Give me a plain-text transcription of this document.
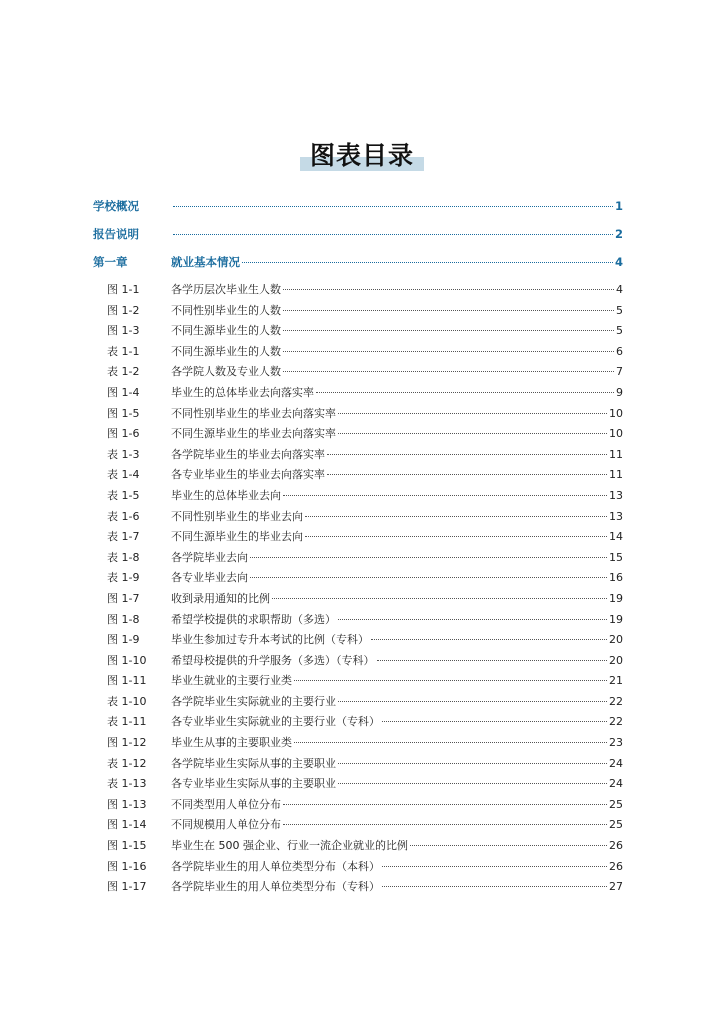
图表目录
学校概况	1
报告说明	2
第一章	就业基本情况	4
图 1-1	各学历层次毕业生人数	4
图 1-2	不同性别毕业生的人数	5
图 1-3	不同生源毕业生的人数	5
表 1-1	不同生源毕业生的人数	6
表 1-2	各学院人数及专业人数	7
图 1-4	毕业生的总体毕业去向落实率	9
图 1-5	不同性别毕业生的毕业去向落实率	10
图 1-6	不同生源毕业生的毕业去向落实率	10
表 1-3	各学院毕业生的毕业去向落实率	11
表 1-4	各专业毕业生的毕业去向落实率	11
表 1-5	毕业生的总体毕业去向	13
表 1-6	不同性别毕业生的毕业去向	13
表 1-7	不同生源毕业生的毕业去向	14
表 1-8	各学院毕业去向	15
表 1-9	各专业毕业去向	16
图 1-7	收到录用通知的比例	19
图 1-8	希望学校提供的求职帮助（多选）	19
图 1-9	毕业生参加过专升本考试的比例（专科）	20
图 1-10	希望母校提供的升学服务（多选）（专科）	20
图 1-11	毕业生就业的主要行业类	21
表 1-10	各学院毕业生实际就业的主要行业	22
表 1-11	各专业毕业生实际就业的主要行业（专科）	22
图 1-12	毕业生从事的主要职业类	23
表 1-12	各学院毕业生实际从事的主要职业	24
表 1-13	各专业毕业生实际从事的主要职业	24
图 1-13	不同类型用人单位分布	25
图 1-14	不同规模用人单位分布	25
图 1-15	毕业生在 500 强企业、行业一流企业就业的比例	26
图 1-16	各学院毕业生的用人单位类型分布（本科）	26
图 1-17	各学院毕业生的用人单位类型分布（专科）	27
